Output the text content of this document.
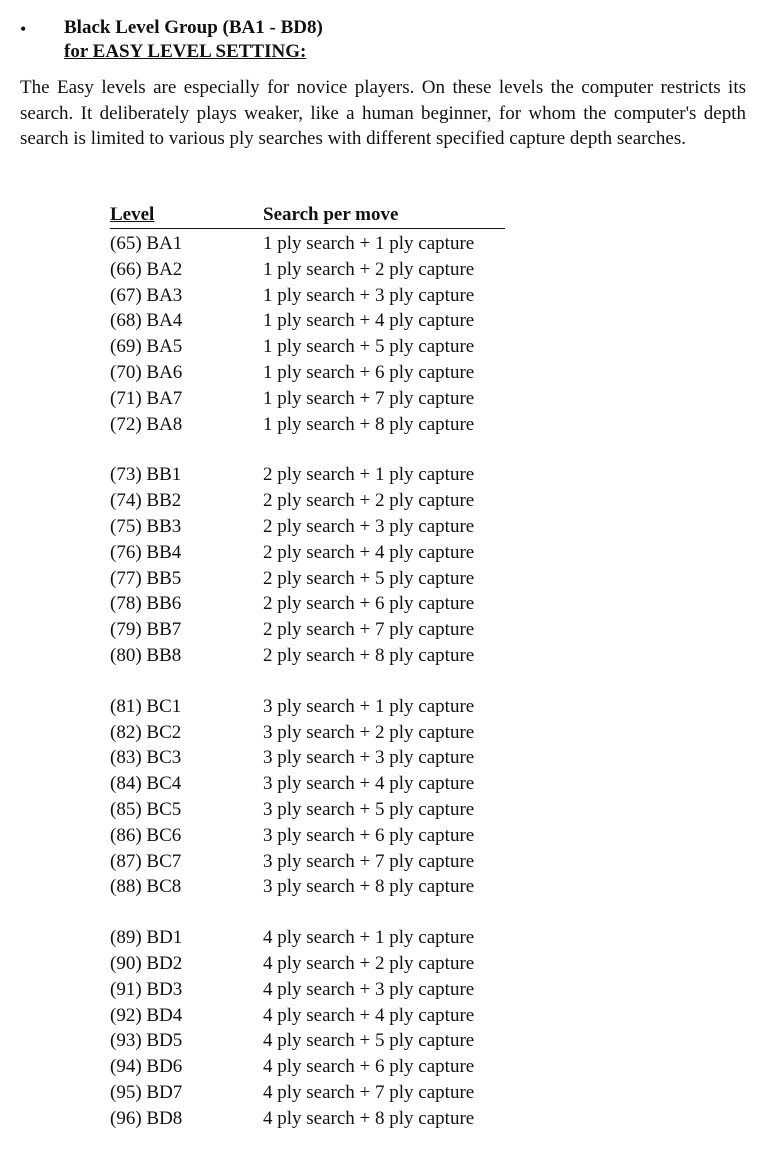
• Black Level Group (BA1 - BD8)
for EASY LEVEL SETTING:

The Easy levels are especially for novice players. On these levels the computer restricts its search. It deliberately plays weaker, like a human beginner, for whom the computer's depth search is limited to various ply searches with different specified capture depth searches.

Level	Search per move
(65) BA1	1 ply search + 1 ply capture
(66) BA2	1 ply search + 2 ply capture
(67) BA3	1 ply search + 3 ply capture
(68) BA4	1 ply search + 4 ply capture
(69) BA5	1 ply search + 5 ply capture
(70) BA6	1 ply search + 6 ply capture
(71) BA7	1 ply search + 7 ply capture
(72) BA8	1 ply search + 8 ply capture
(73) BB1	2 ply search + 1 ply capture
(74) BB2	2 ply search + 2 ply capture
(75) BB3	2 ply search + 3 ply capture
(76) BB4	2 ply search + 4 ply capture
(77) BB5	2 ply search + 5 ply capture
(78) BB6	2 ply search + 6 ply capture
(79) BB7	2 ply search + 7 ply capture
(80) BB8	2 ply search + 8 ply capture
(81) BC1	3 ply search + 1 ply capture
(82) BC2	3 ply search + 2 ply capture
(83) BC3	3 ply search + 3 ply capture
(84) BC4	3 ply search + 4 ply capture
(85) BC5	3 ply search + 5 ply capture
(86) BC6	3 ply search + 6 ply capture
(87) BC7	3 ply search + 7 ply capture
(88) BC8	3 ply search + 8 ply capture
(89) BD1	4 ply search + 1 ply capture
(90) BD2	4 ply search + 2 ply capture
(91) BD3	4 ply search + 3 ply capture
(92) BD4	4 ply search + 4 ply capture
(93) BD5	4 ply search + 5 ply capture
(94) BD6	4 ply search + 6 ply capture
(95) BD7	4 ply search + 7 ply capture
(96) BD8	4 ply search + 8 ply capture
